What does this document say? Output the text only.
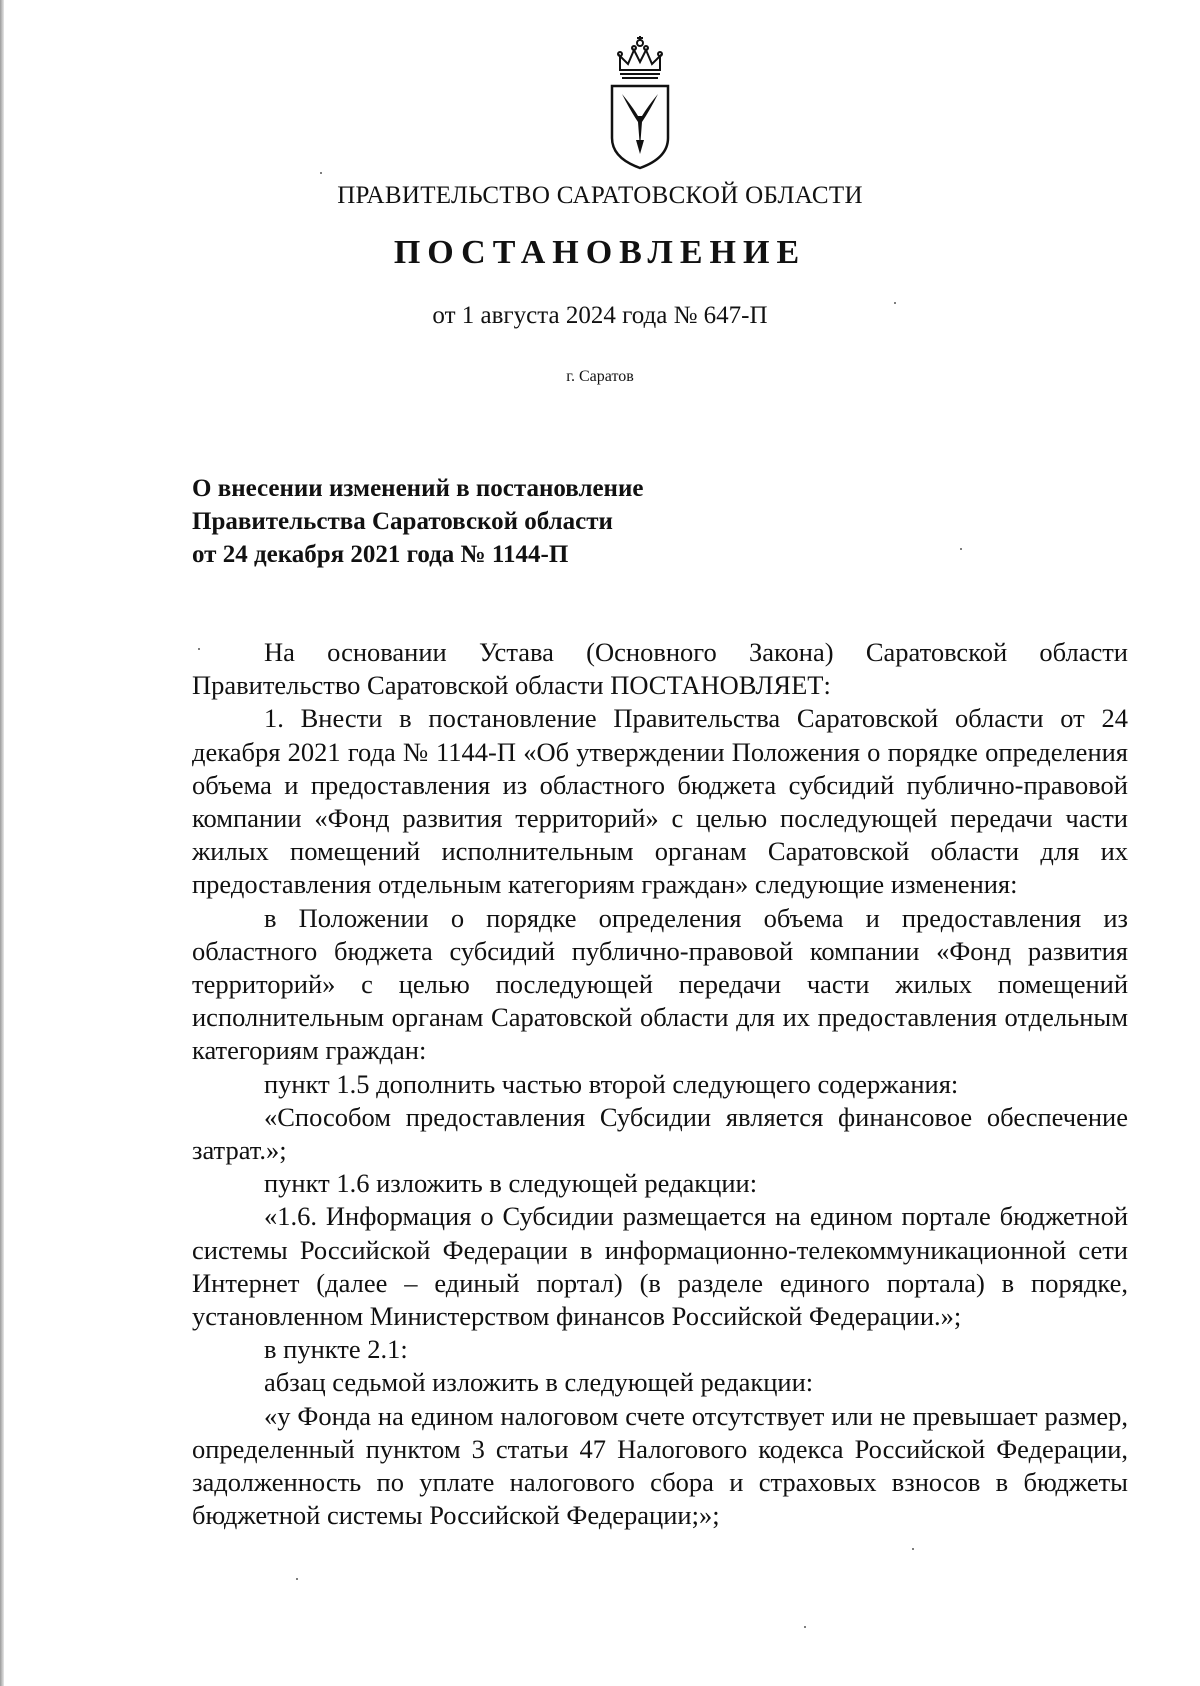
ПРАВИТЕЛЬСТВО САРАТОВСКОЙ ОБЛАСТИ
ПОСТАНОВЛЕНИЕ
от 1 августа 2024 года № 647-П
г. Саратов
О внесении изменений в постановление
Правительства Саратовской области
от 24 декабря 2021 года № 1144-П

На основании Устава (Основного Закона) Саратовской области Правительство Саратовской области ПОСТАНОВЛЯЕТ:

1. Внести в постановление Правительства Саратовской области от 24 декабря 2021 года № 1144-П «Об утверждении Положения о порядке определения объема и предоставления из областного бюджета субсидий публично-правовой компании «Фонд развития территорий» с целью последующей передачи части жилых помещений исполнительным органам Саратовской области для их предоставления отдельным категориям граждан» следующие изменения:

в Положении о порядке определения объема и предоставления из областного бюджета субсидий публично-правовой компании «Фонд развития территорий» с целью последующей передачи части жилых помещений исполнительным органам Саратовской области для их предоставления отдельным категориям граждан:

пункт 1.5 дополнить частью второй следующего содержания:

«Способом предоставления Субсидии является финансовое обеспечение затрат.»;

пункт 1.6 изложить в следующей редакции:

«1.6. Информация о Субсидии размещается на едином портале бюджетной системы Российской Федерации в информационно-телекоммуникационной сети Интернет (далее – единый портал) (в разделе единого портала) в порядке, установленном Министерством финансов Российской Федерации.»;

в пункте 2.1:

абзац седьмой изложить в следующей редакции:

«у Фонда на едином налоговом счете отсутствует или не превышает размер, определенный пунктом 3 статьи 47 Налогового кодекса Российской Федерации, задолженность по уплате налогового сбора и страховых взносов в бюджеты бюджетной системы Российской Федерации;»;
